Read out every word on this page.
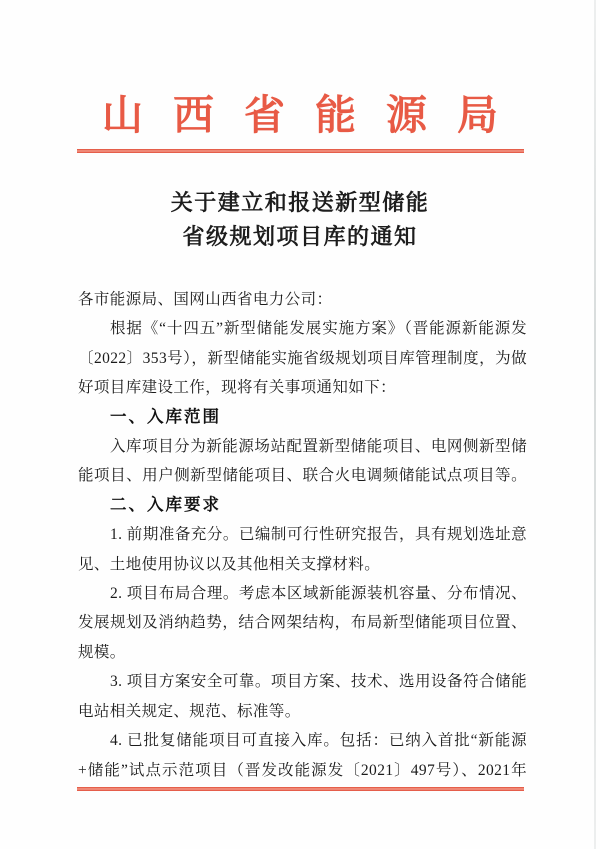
山西省能源局
关于建立和报送新型储能
省级规划项目库的通知
各市能源局、国网山西省电力公司：
根据《“十四五”新型储能发展实施方案》（晋能源新能源发
〔2022〕353号），新型储能实施省级规划项目库管理制度，为做
好项目库建设工作，现将有关事项通知如下：
一、入库范围
入库项目分为新能源场站配置新型储能项目、电网侧新型储
能项目、用户侧新型储能项目、联合火电调频储能试点项目等。
二、入库要求
1. 前期准备充分。已编制可行性研究报告，具有规划选址意
见、土地使用协议以及其他相关支撑材料。
2. 项目布局合理。考虑本区域新能源装机容量、分布情况、
发展规划及消纳趋势，结合网架结构，布局新型储能项目位置、
规模。
3. 项目方案安全可靠。项目方案、技术、选用设备符合储能
电站相关规定、规范、标准等。
4. 已批复储能项目可直接入库。包括：已纳入首批“新能源
+储能”试点示范项目（晋发改能源发〔2021〕497号）、2021年
